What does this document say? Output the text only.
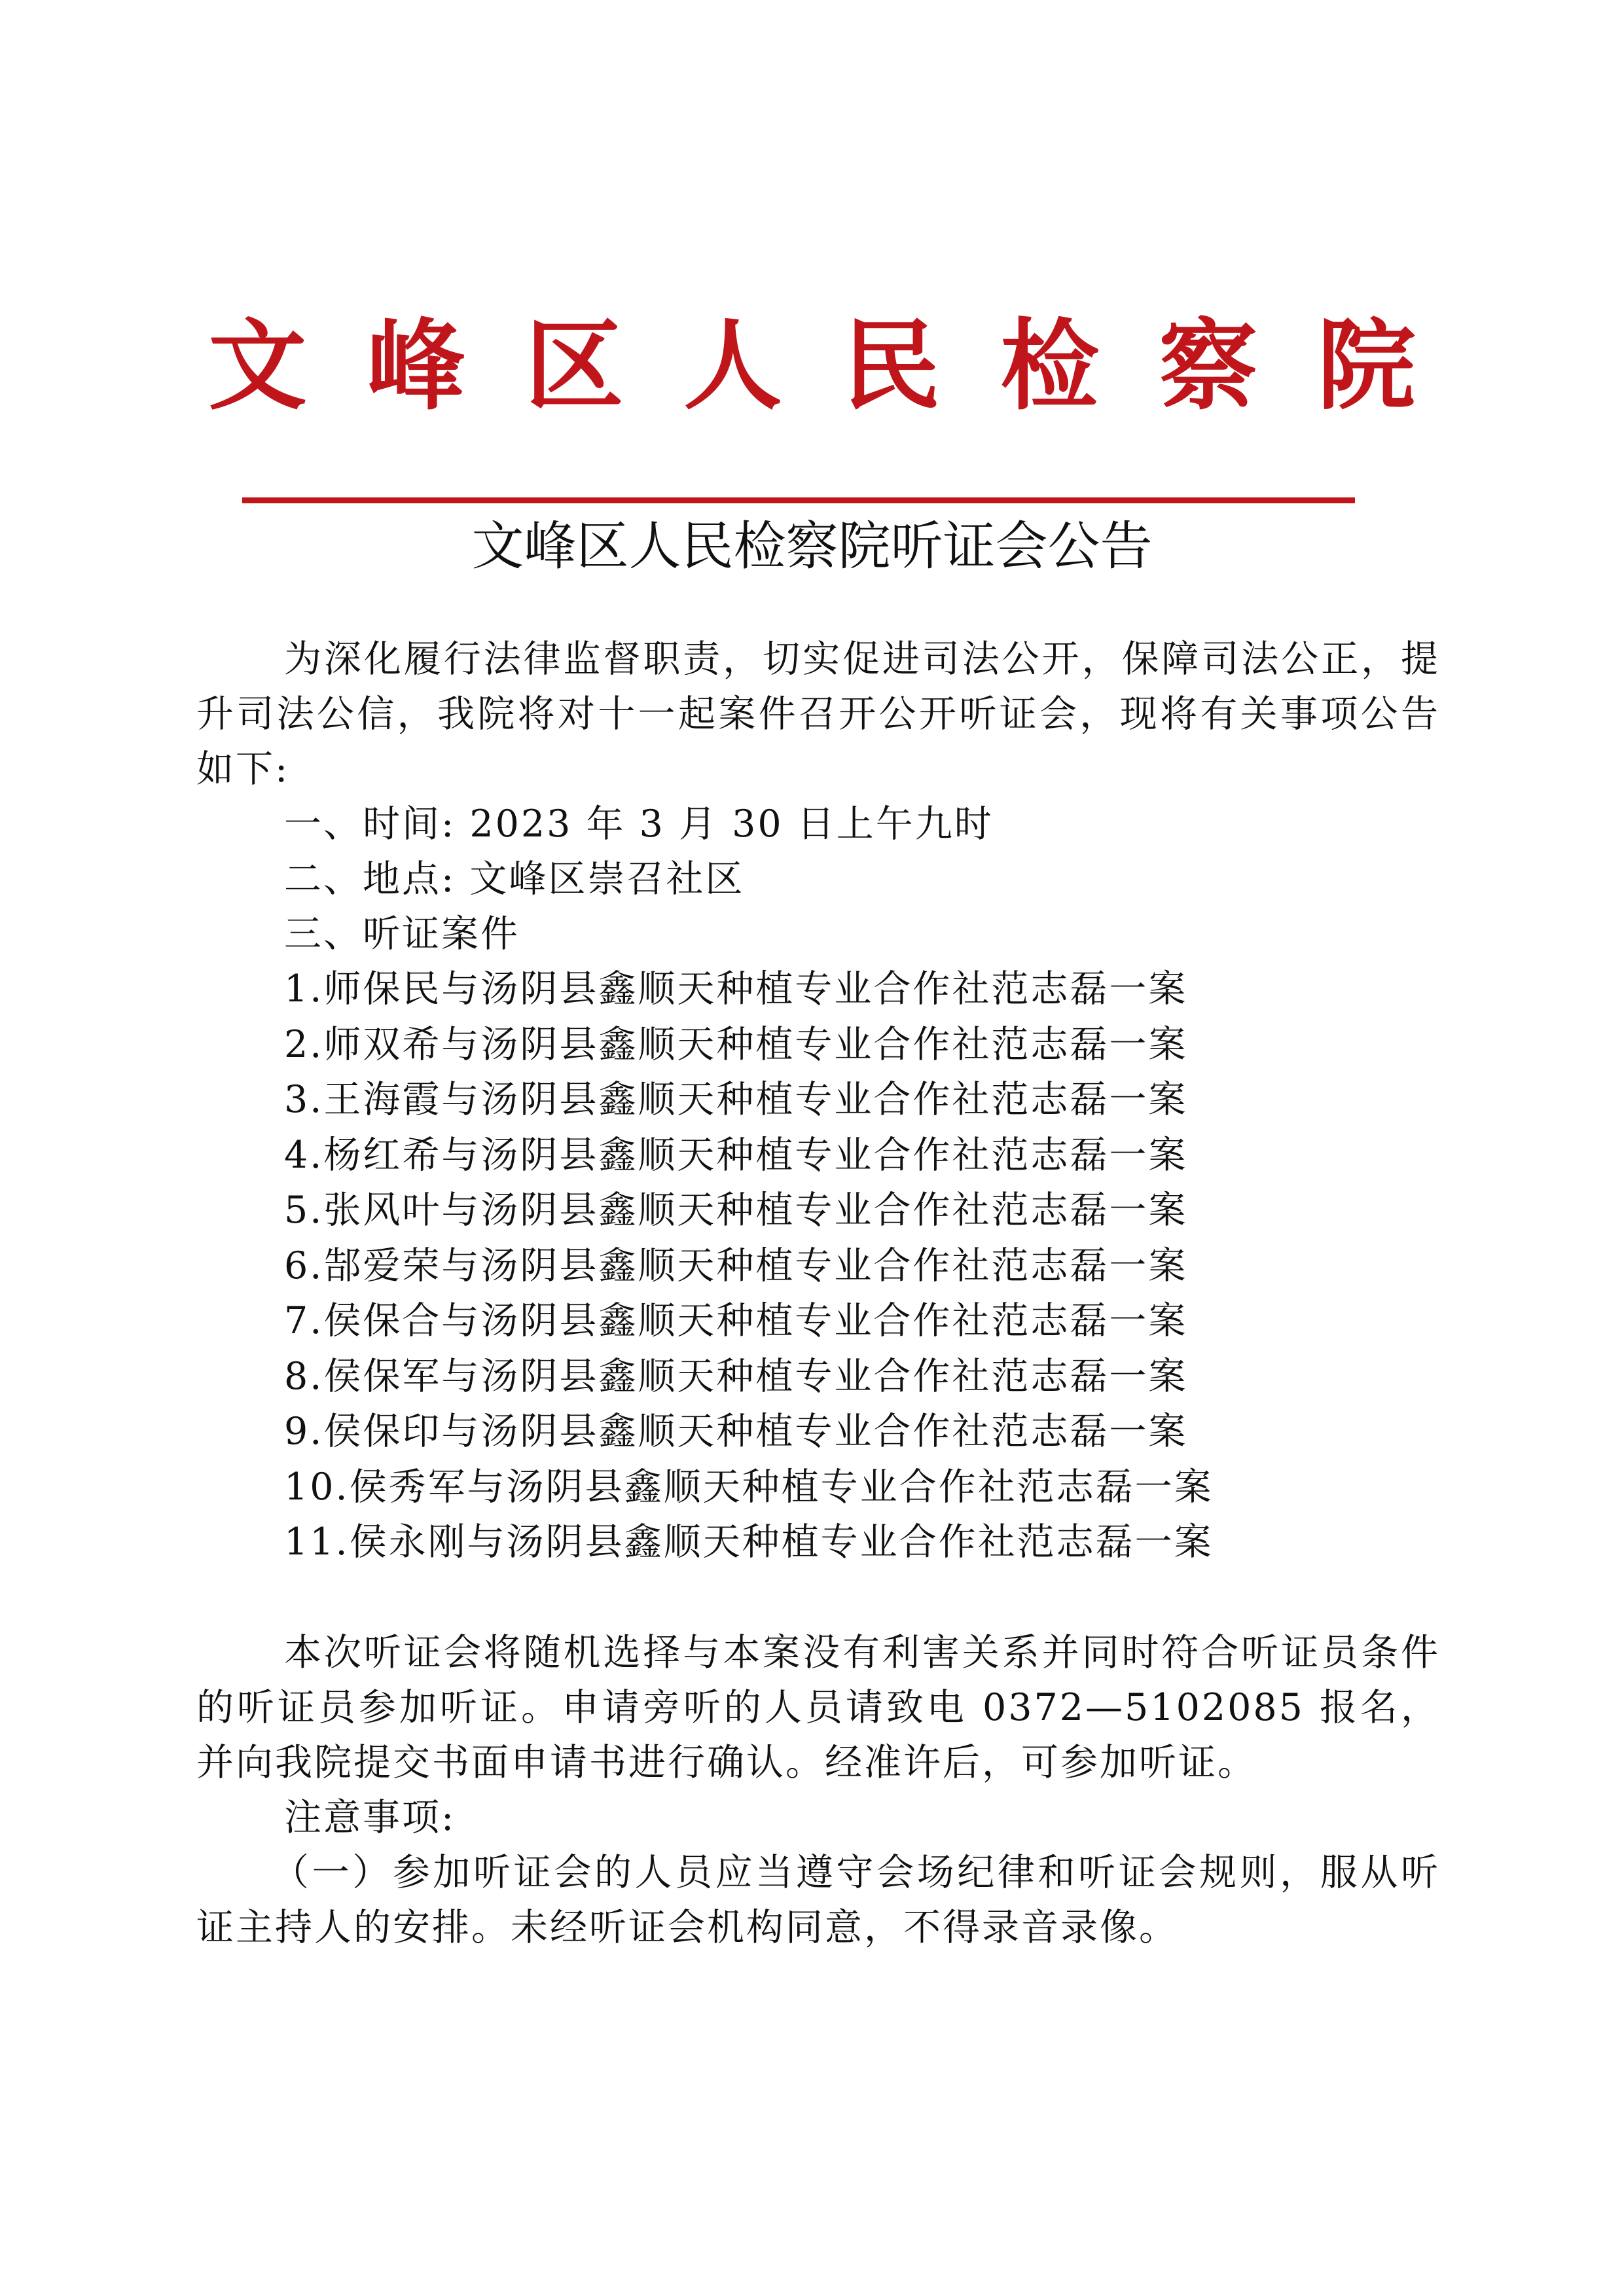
文 峰 区 人 民 检 察 院
文峰区人民检察院听证会公告

为深化履行法律监督职责，切实促进司法公开，保障司法公正，提升司法公信，我院将对十一起案件召开公开听证会，现将有关事项公告如下:

一、时间: 2023 年 3 月 30 日上午九时

二、地点: 文峰区崇召社区

三、听证案件

1.师保民与汤阴县鑫顺天种植专业合作社范志磊一案
2.师双希与汤阴县鑫顺天种植专业合作社范志磊一案
3.王海霞与汤阴县鑫顺天种植专业合作社范志磊一案
4.杨红希与汤阴县鑫顺天种植专业合作社范志磊一案
5.张风叶与汤阴县鑫顺天种植专业合作社范志磊一案
6.郜爱荣与汤阴县鑫顺天种植专业合作社范志磊一案
7.侯保合与汤阴县鑫顺天种植专业合作社范志磊一案
8.侯保军与汤阴县鑫顺天种植专业合作社范志磊一案
9.侯保印与汤阴县鑫顺天种植专业合作社范志磊一案
10.侯秀军与汤阴县鑫顺天种植专业合作社范志磊一案
11.侯永刚与汤阴县鑫顺天种植专业合作社范志磊一案

本次听证会将随机选择与本案没有利害关系并同时符合听证员条件的听证员参加听证。申请旁听的人员请致电 0372—5102085 报名，并向我院提交书面申请书进行确认。经准许后，可参加听证。

注意事项:

（一）参加听证会的人员应当遵守会场纪律和听证会规则，服从听证主持人的安排。未经听证会机构同意，不得录音录像。
